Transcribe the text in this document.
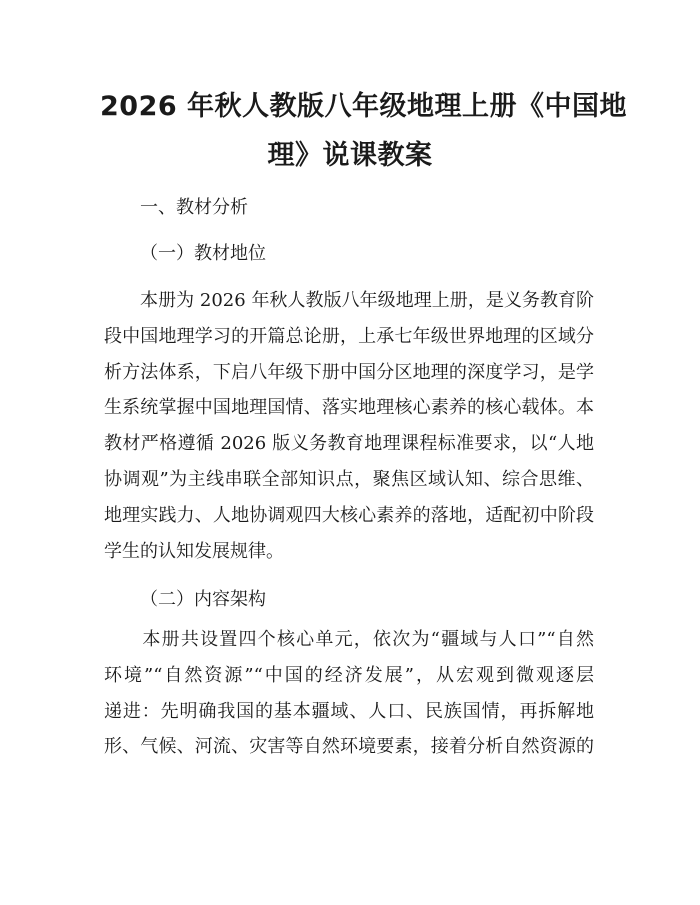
2026 年秋人教版八年级地理上册《中国地
理》说课教案

一、教材分析

（一）教材地位

　　本册为 2026 年秋人教版八年级地理上册，是义务教育阶
段中国地理学习的开篇总论册，上承七年级世界地理的区域分
析方法体系，下启八年级下册中国分区地理的深度学习，是学
生系统掌握中国地理国情、落实地理核心素养的核心载体。本
教材严格遵循 2026 版义务教育地理课程标准要求，以“人地
协调观”为主线串联全部知识点，聚焦区域认知、综合思维、
地理实践力、人地协调观四大核心素养的落地，适配初中阶段
学生的认知发展规律。

（二）内容架构

　　本册共设置四个核心单元，依次为“疆域与人口”“自然
环境”“自然资源”“中国的经济发展”，从宏观到微观逐层
递进：先明确我国的基本疆域、人口、民族国情，再拆解地
形、气候、河流、灾害等自然环境要素，接着分析自然资源的
